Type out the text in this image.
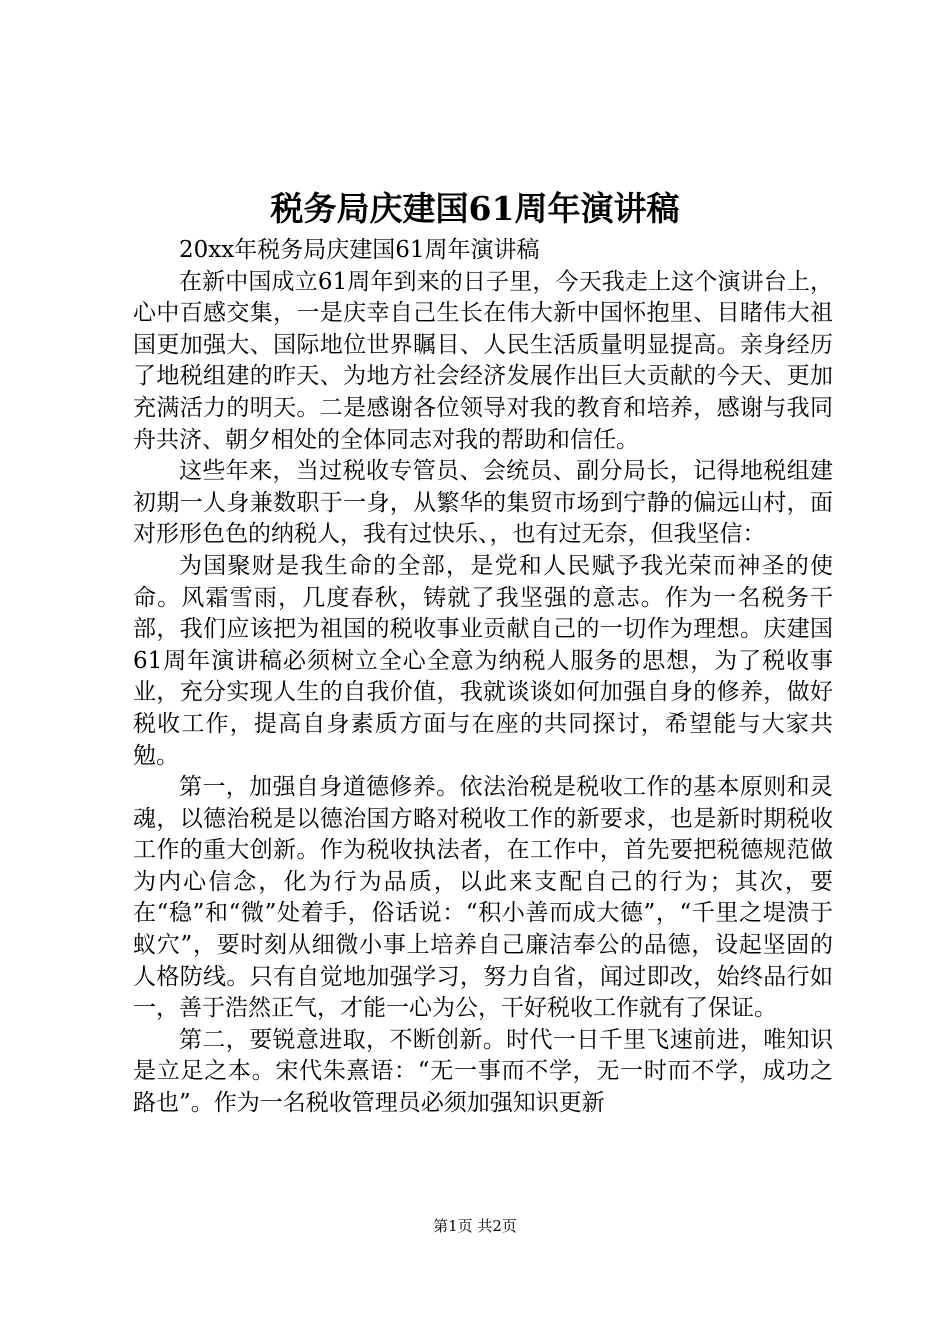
税务局庆建国61周年演讲稿

20xx年税务局庆建国61周年演讲稿

在新中国成立61周年到来的日子里，今天我走上这个演讲台上，心中百感交集，一是庆幸自己生长在伟大新中国怀抱里、目睹伟大祖国更加强大、国际地位世界瞩目、人民生活质量明显提高。亲身经历了地税组建的昨天、为地方社会经济发展作出巨大贡献的今天、更加充满活力的明天。二是感谢各位领导对我的教育和培养，感谢与我同舟共济、朝夕相处的全体同志对我的帮助和信任。

这些年来，当过税收专管员、会统员、副分局长，记得地税组建初期一人身兼数职于一身，从繁华的集贸市场到宁静的偏远山村，面对形形色色的纳税人，我有过快乐、，也有过无奈，但我坚信：

为国聚财是我生命的全部，是党和人民赋予我光荣而神圣的使命。风霜雪雨，几度春秋，铸就了我坚强的意志。作为一名税务干部，我们应该把为祖国的税收事业贡献自己的一切作为理想。庆建国61周年演讲稿必须树立全心全意为纳税人服务的思想，为了税收事业，充分实现人生的自我价值，我就谈谈如何加强自身的修养，做好税收工作，提高自身素质方面与在座的共同探讨，希望能与大家共勉。

第一，加强自身道德修养。依法治税是税收工作的基本原则和灵魂，以德治税是以德治国方略对税收工作的新要求，也是新时期税收工作的重大创新。作为税收执法者，在工作中，首先要把税德规范做为内心信念，化为行为品质，以此来支配自己的行为；其次，要在“稳”和“微”处着手，俗话说：“积小善而成大德”，“千里之堤溃于蚁穴”，要时刻从细微小事上培养自己廉洁奉公的品德，设起坚固的人格防线。只有自觉地加强学习，努力自省，闻过即改，始终品行如一，善于浩然正气，才能一心为公，干好税收工作就有了保证。

第二，要锐意进取，不断创新。时代一日千里飞速前进，唯知识是立足之本。宋代朱熹语：“无一事而不学，无一时而不学，成功之路也”。作为一名税收管理员必须加强知识更新

第1页 共2页
